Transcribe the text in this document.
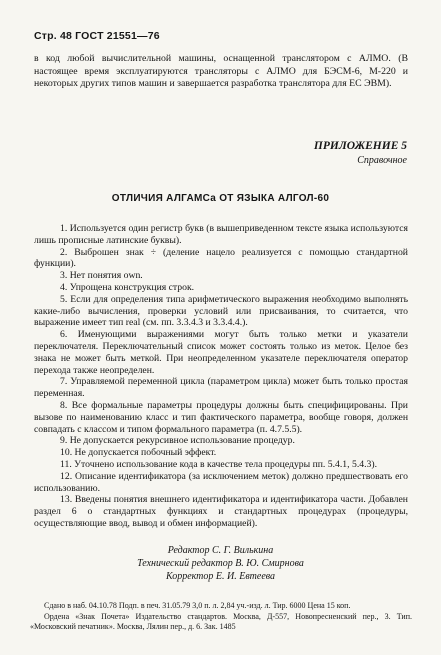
Стр. 48 ГОСТ 21551—76
в код любой вычислительной машины, оснащенной транслятором с АЛМО. (В настоящее время эксплуатируются трансляторы с АЛМО для БЭСМ-6, М-220 и некоторых других типов машин и завершается разработка транслятора для ЕС ЭВМ).
ПРИЛОЖЕНИЕ 5
Справочное
ОТЛИЧИЯ АЛГАМСа ОТ ЯЗЫКА АЛГОЛ-60

1. Используется один регистр букв (в вышеприведенном тексте языка используются лишь прописные латинские буквы).

2. Выброшен знак ÷ (деление нацело реализуется с помощью стандартной функции).

3. Нет понятия own.

4. Упрощена конструкция строк.

5. Если для определения типа арифметического выражения необходимо выполнять какие-либо вычисления, проверки условий или присваивания, то считается, что выражение имеет тип real (см. пп. 3.3.4.3 и 3.3.4.4.).

6. Именующими выражениями могут быть только метки и указатели переключателя. Переключательный список может состоять только из меток. Целое без знака не может быть меткой. При неопределенном указателе переключателя оператор перехода также неопределен.

7. Управляемой переменной цикла (параметром цикла) может быть только простая переменная.

8. Все формальные параметры процедуры должны быть специфицированы. При вызове по наименованию класс и тип фактического параметра, вообще говоря, должен совпадать с классом и типом формального параметра (п. 4.7.5.5).

9. Не допускается рекурсивное использование процедур.

10. Не допускается побочный эффект.

11. Уточнено использование кода в качестве тела процедуры пп. 5.4.1, 5.4.3).

12. Описание идентификатора (за исключением меток) должно предшествовать его использованию.

13. Введены понятия внешнего идентификатора и идентификатора части. Добавлен раздел 6 о стандартных функциях и стандартных процедурах (процедуры, осуществляющие ввод, вывод и обмен информацией).

Редактор С. Г. Вилькина
Технический редактор В. Ю. Смирнова
Корректор Е. И. Евтеева

Сдано в наб. 04.10.78 Подп. в печ. 31.05.79 3,0 п. л. 2,84 уч.-изд. л. Тир. 6000 Цена 15 коп.

Ордена «Знак Почета» Издательство стандартов. Москва, Д-557, Новопресненский пер., 3. Тип. «Московский печатник». Москва, Лялин пер., д. 6. Зак. 1485
